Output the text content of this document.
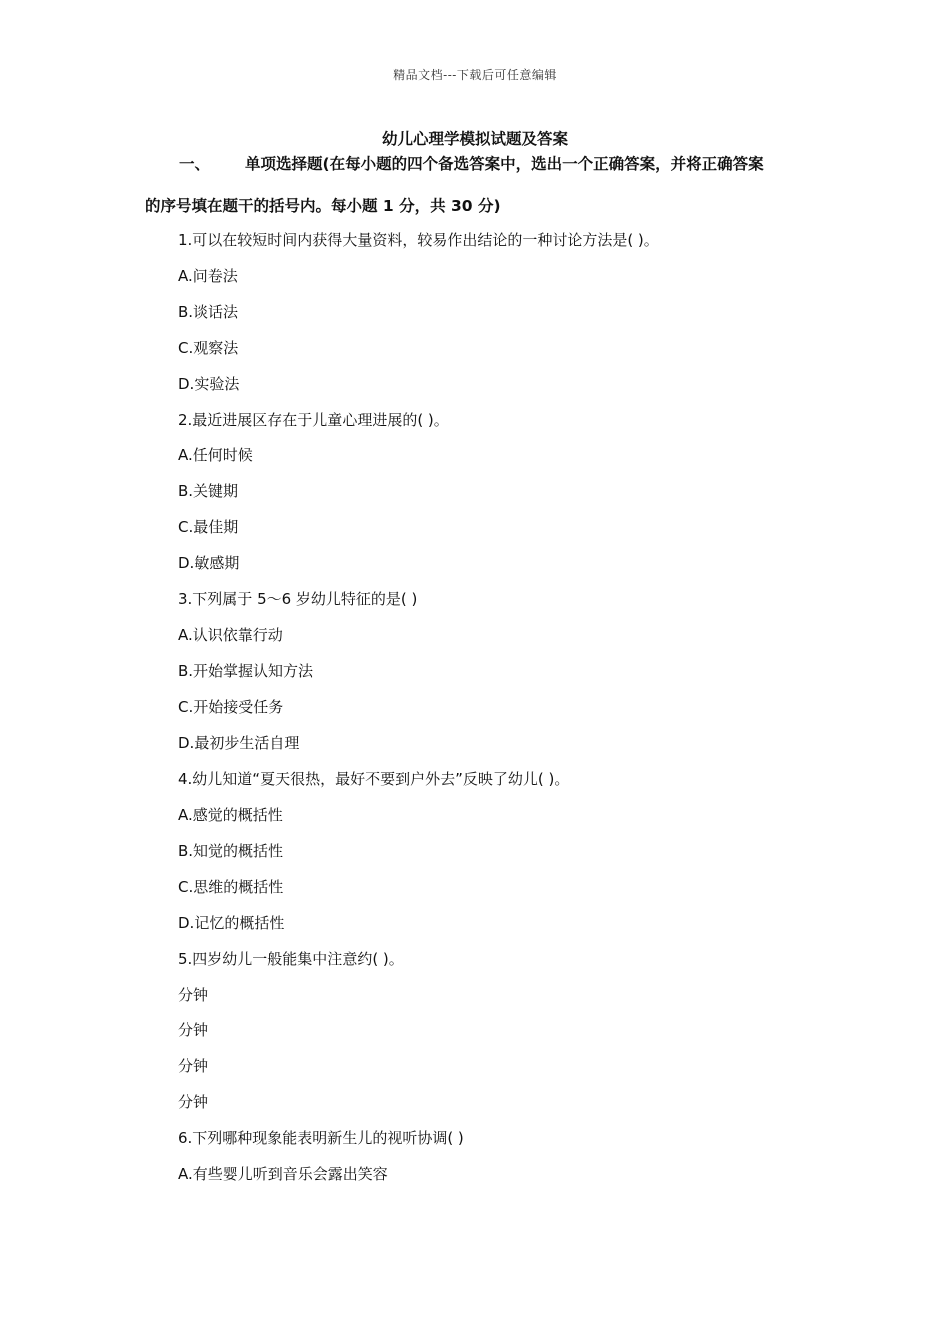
精品文档---下载后可任意编辑
幼儿心理学模拟试题及答案
一、 单项选择题(在每小题的四个备选答案中，选出一个正确答案，并将正确答案
的序号填在题干的括号内。每小题 1 分，共 30 分)
1.可以在较短时间内获得大量资料，较易作出结论的一种讨论方法是( )。
A.问卷法
B.谈话法
C.观察法
D.实验法
2.最近进展区存在于儿童心理进展的( )。
A.任何时候
B.关键期
C.最佳期
D.敏感期
3.下列属于 5～6 岁幼儿特征的是( )
A.认识依靠行动
B.开始掌握认知方法
C.开始接受任务
D.最初步生活自理
4.幼儿知道“夏天很热，最好不要到户外去”反映了幼儿( )。
A.感觉的概括性
B.知觉的概括性
C.思维的概括性
D.记忆的概括性
5.四岁幼儿一般能集中注意约( )。
分钟
分钟
分钟
分钟
6.下列哪种现象能表明新生儿的视听协调( )
A.有些婴儿听到音乐会露出笑容
